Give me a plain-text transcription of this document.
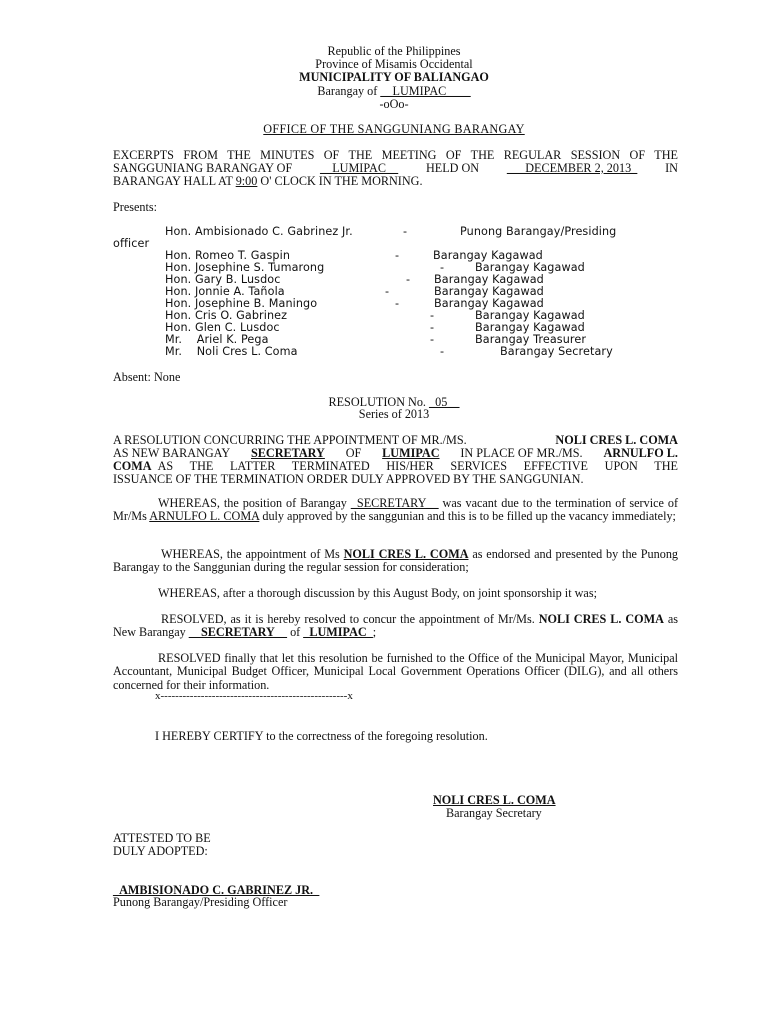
Republic of the Philippines
Province of Misamis Occidental
MUNICIPALITY OF BALIANGAO
Barangay of __LUMIPAC____
-oOo-
OFFICE OF THE SANGGUNIANG BARANGAY
EXCERPTS FROM THE MINUTES OF THE MEETING OF THE REGULAR SESSION OF THE
SANGGUNIANG BARANGAY OF __LUMIPAC__ HELD ON ___DECEMBER 2, 2013_ IN
BARANGAY HALL AT 9:00 O' CLOCK IN THE MORNING.
Presents:
Hon. Ambisionado C. Gabrinez Jr.	-	Punong Barangay/Presiding
officer
Hon. Romeo T. Gaspin	-	Barangay Kagawad
Hon. Josephine S. Tumarong	-	Barangay Kagawad
Hon. Gary B. Lusdoc	- Barangay Kagawad
Hon. Jonnie A. Tañola	-	Barangay Kagawad
Hon. Josephine B. Maningo	-	Barangay Kagawad
Hon. Cris O. Gabrinez	-	Barangay Kagawad
Hon. Glen C. Lusdoc	-	Barangay Kagawad
Mr.    Ariel K. Pega	-	Barangay Treasurer
Mr.    Noli Cres L. Coma	-	Barangay Secretary
Absent: None
RESOLUTION No. _05__
Series of 2013
A RESOLUTION CONCURRING THE APPOINTMENT OF MR./MS.	NOLI CRES L. COMA
AS NEW BARANGAY SECRETARY OF LUMIPAC IN PLACE OF MR./MS. ARNULFO L.
COMA AS THE LATTER TERMINATED HIS/HER SERVICES EFFECTIVE UPON THE
ISSUANCE OF THE TERMINATION ORDER DULY APPROVED BY THE SANGGUNIAN.
WHEREAS, the position of Barangay _SECRETARY__ was vacant due to the termination of service of Mr/Ms ARNULFO L. COMA duly approved by the sanggunian and this is to be filled up the vacancy immediately;
WHEREAS, the appointment of Ms NOLI CRES L. COMA as endorsed and presented by the Punong Barangay to the Sanggunian during the regular session for consideration;
WHEREAS, after a thorough discussion by this August Body, on joint sponsorship it was;
RESOLVED, as it is hereby resolved to concur the appointment of Mr/Ms. NOLI CRES L. COMA as New Barangay __SECRETARY__ of _LUMIPAC_;
RESOLVED finally that let this resolution be furnished to the Office of the Municipal Mayor, Municipal Accountant, Municipal Budget Officer, Municipal Local Government Operations Officer (DILG), and all others concerned for their information.
x---------------------------------------------------x
I HEREBY CERTIFY to the correctness of the foregoing resolution.
NOLI CRES L. COMA
Barangay Secretary
ATTESTED TO BE
DULY ADOPTED:
_AMBISIONADO C. GABRINEZ JR._
Punong Barangay/Presiding Officer
